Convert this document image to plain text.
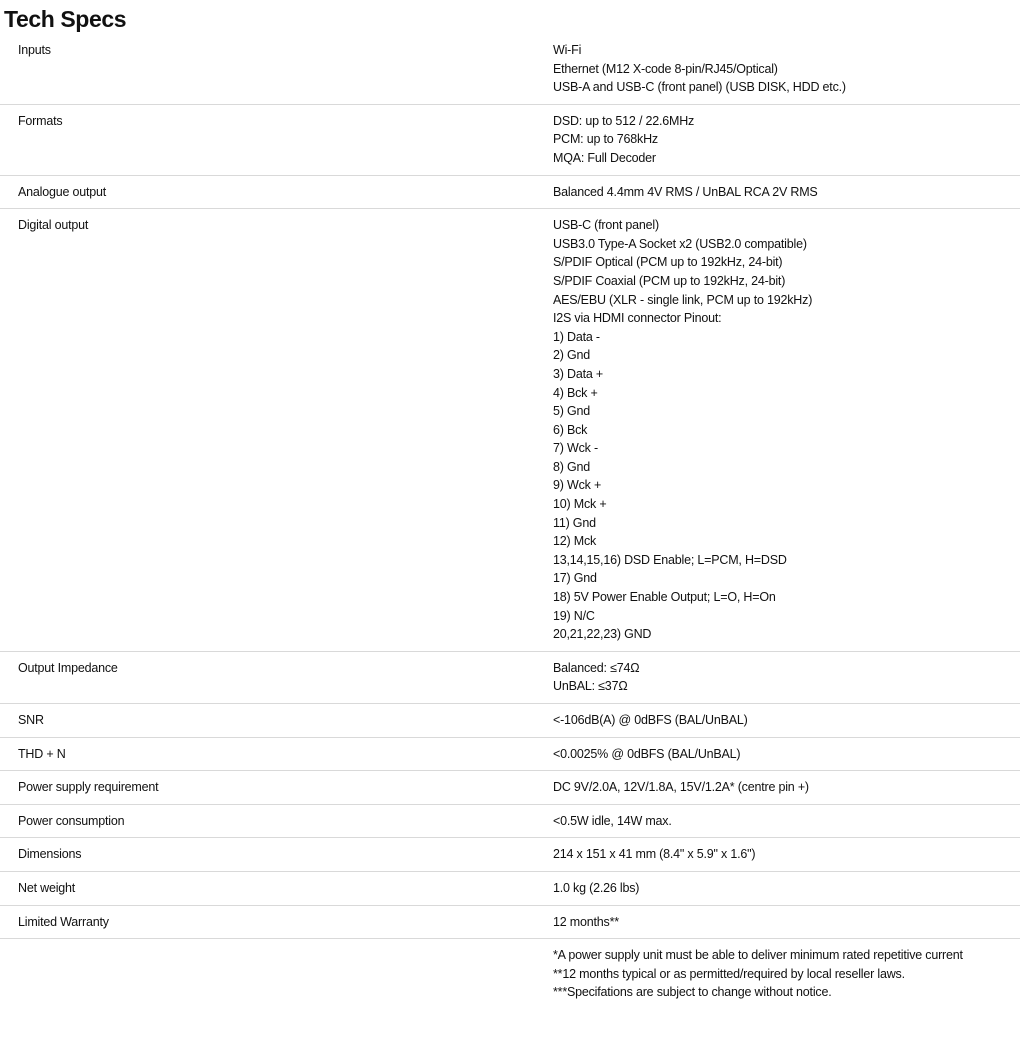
Tech Specs
Inputs	Wi-Fi
Ethernet (M12 X-code 8-pin/RJ45/Optical)
USB-A and USB-C (front panel) (USB DISK, HDD etc.)
Formats	DSD: up to 512 / 22.6MHz
PCM: up to 768kHz
MQA: Full Decoder
Analogue output	Balanced 4.4mm 4V RMS / UnBAL RCA 2V RMS
Digital output	USB-C (front panel)
USB3.0 Type-A Socket x2 (USB2.0 compatible)
S/PDIF Optical (PCM up to 192kHz, 24-bit)
S/PDIF Coaxial (PCM up to 192kHz, 24-bit)
AES/EBU (XLR - single link, PCM up to 192kHz)
I2S via HDMI connector Pinout:
1) Data -
2) Gnd
3) Data +
4) Bck +
5) Gnd
6) Bck
7) Wck -
8) Gnd
9) Wck +
10) Mck +
11) Gnd
12) Mck
13,14,15,16) DSD Enable; L=PCM, H=DSD
17) Gnd
18) 5V Power Enable Output; L=O, H=On
19) N/C
20,21,22,23) GND
Output Impedance	Balanced: ≤74Ω
UnBAL: ≤37Ω
SNR	<-106dB(A) @ 0dBFS (BAL/UnBAL)
THD + N	<0.0025% @ 0dBFS (BAL/UnBAL)
Power supply requirement	DC 9V/2.0A, 12V/1.8A, 15V/1.2A* (centre pin +)
Power consumption	<0.5W idle, 14W max.
Dimensions	214 x 151 x 41 mm (8.4" x 5.9" x 1.6")
Net weight	1.0 kg (2.26 lbs)
Limited Warranty	12 months**
*A power supply unit must be able to deliver minimum rated repetitive current
**12 months typical or as permitted/required by local reseller laws.
***Specifations are subject to change without notice.
